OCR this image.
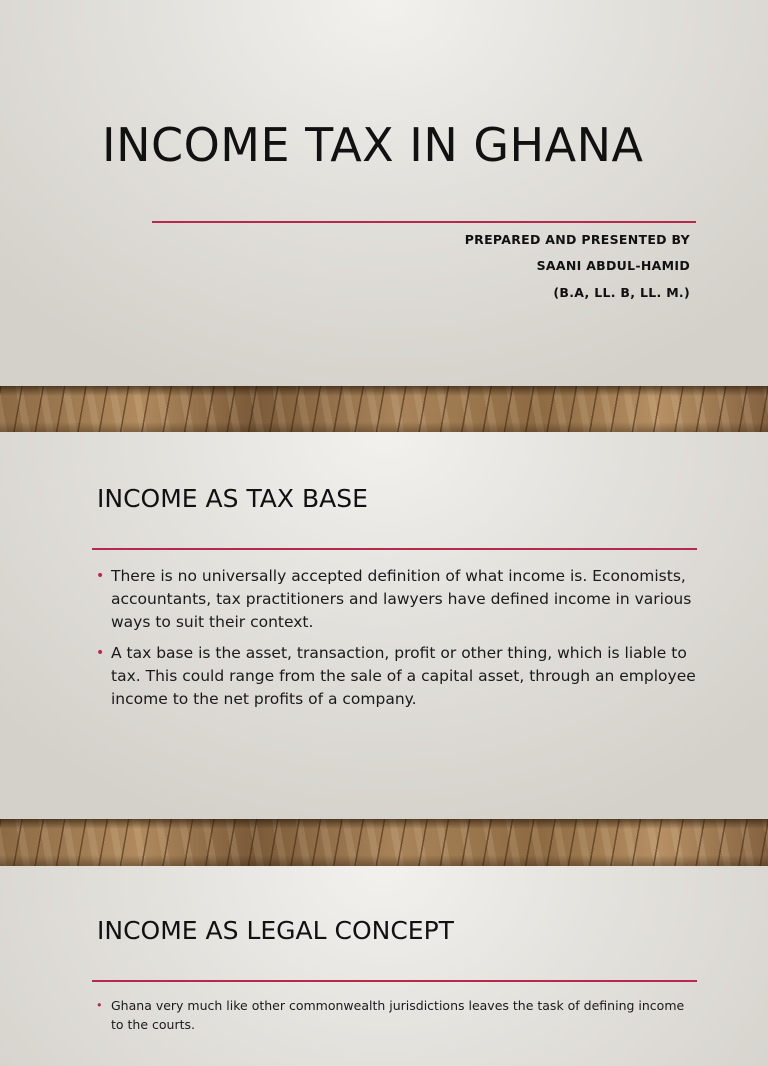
INCOME TAX IN GHANA
PREPARED AND PRESENTED BY
SAANI ABDUL-HAMID
(B.A, LL. B, LL. M.)
INCOME AS TAX BASE
• There is no universally accepted definition of what income is. Economists, accountants, tax practitioners and lawyers have defined income in various ways to suit their context.
• A tax base is the asset, transaction, profit or other thing, which is liable to tax. This could range from the sale of a capital asset, through an employee income to the net profits of a company.
INCOME AS LEGAL CONCEPT
• Ghana very much like other commonwealth jurisdictions leaves the task of defining income to the courts.
